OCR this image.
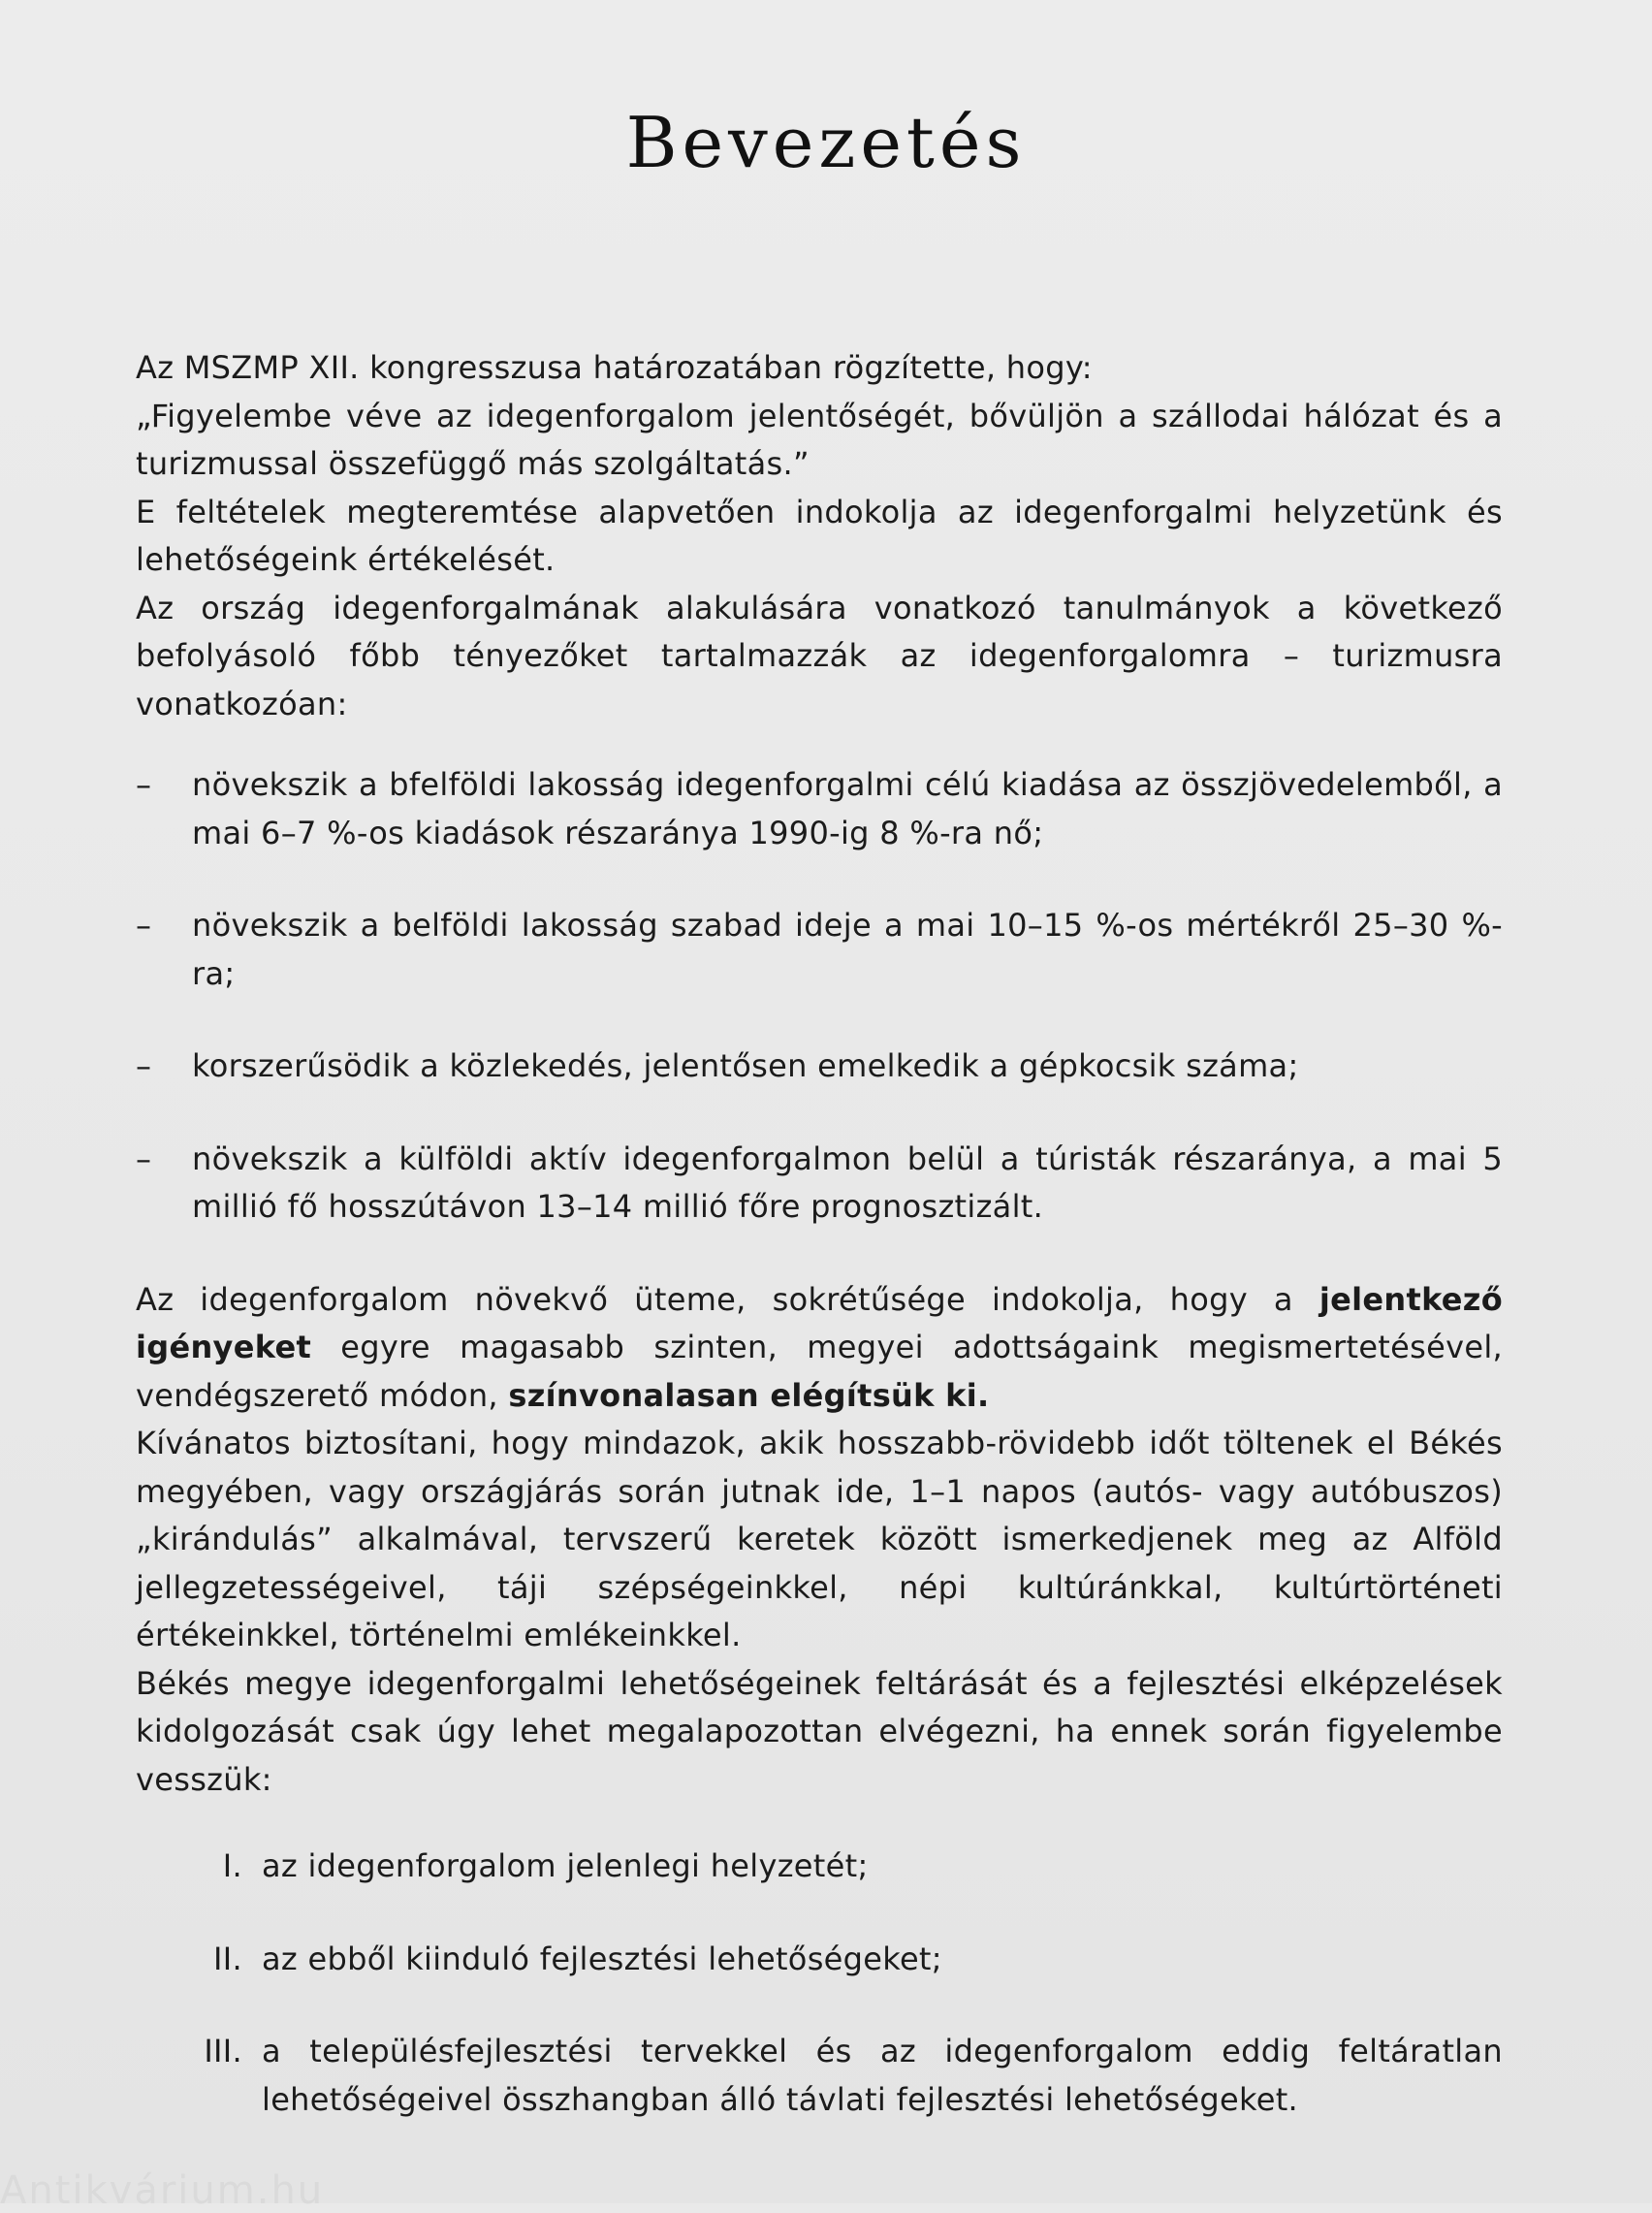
Bevezetés

Az MSZMP XII. kongresszusa határozatában rögzítette, hogy:

„Figyelembe véve az idegenforgalom jelentőségét, bővüljön a szállodai hálózat és a turizmussal összefüggő más szolgáltatás.”

E feltételek megteremtése alapvetően indokolja az idegenforgalmi helyzetünk és lehetőségeink értékelését.

Az ország idegenforgalmának alakulására vonatkozó tanulmányok a következő befolyásoló főbb tényezőket tartalmazzák az idegenforgalomra – turizmusra vonatkozóan:

– növekszik a bfelföldi lakosság idegenforgalmi célú kiadása az összjövedelemből, a mai 6–7 %-os kiadások részaránya 1990-ig 8 %-ra nő;

– növekszik a belföldi lakosság szabad ideje a mai 10–15 %-os mértékről 25–30 %-ra;

– korszerűsödik a közlekedés, jelentősen emelkedik a gépkocsik száma;

– növekszik a külföldi aktív idegenforgalmon belül a túristák részaránya, a mai 5 millió fő hosszútávon 13–14 millió főre prognosztizált.

Az idegenforgalom növekvő üteme, sokrétűsége indokolja, hogy a jelentkező igényeket egyre magasabb szinten, megyei adottságaink megismertetésével, vendégszerető módon, színvonalasan elégítsük ki.

Kívánatos biztosítani, hogy mindazok, akik hosszabb-rövidebb időt töltenek el Békés megyében, vagy országjárás során jutnak ide, 1–1 napos (autós- vagy autóbuszos) „kirándulás” alkalmával, tervszerű keretek között ismerkedjenek meg az Alföld jellegzetességeivel, táji szépségeinkkel, népi kultúránkkal, kultúrtörténeti értékeinkkel, történelmi emlékeinkkel.

Békés megye idegenforgalmi lehetőségeinek feltárását és a fejlesztési elképzelések kidolgozását csak úgy lehet megalapozottan elvégezni, ha ennek során figyelembe vesszük:

I. az idegenforgalom jelenlegi helyzetét;
II. az ebből kiinduló fejlesztési lehetőségeket;
III. a településfejlesztési tervekkel és az idegenforgalom eddig feltáratlan lehetőségeivel összhangban álló távlati fejlesztési lehetőségeket.
Antikvárium.hu
